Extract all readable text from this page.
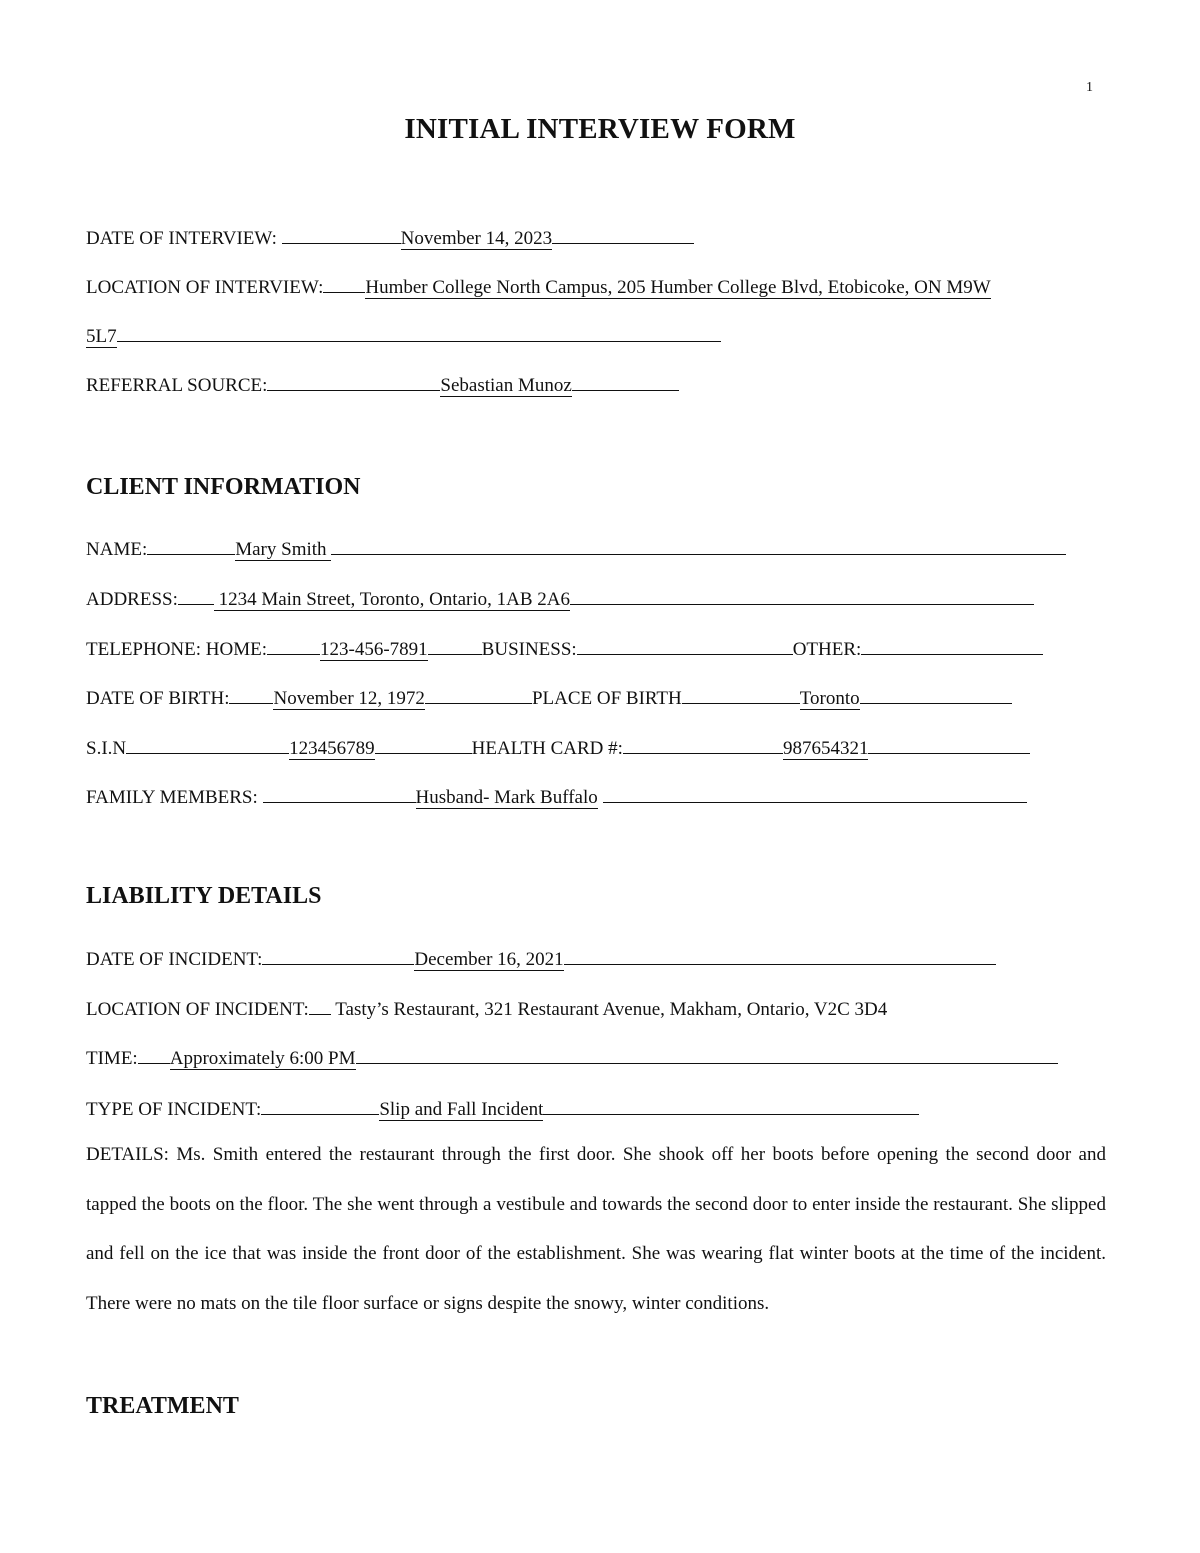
1
INITIAL INTERVIEW FORM
DATE OF INTERVIEW:	November 14, 2023
LOCATION OF INTERVIEW: Humber College North Campus, 205 Humber College Blvd, Etobicoke, ON M9W
5L7
REFERRAL SOURCE:	Sebastian Munoz
CLIENT INFORMATION
NAME:	Mary Smith
ADDRESS: 1234 Main Street, Toronto, Ontario, 1AB 2A6
TELEPHONE: HOME:	123-456-7891	BUSINESS:	OTHER:
DATE OF BIRTH: November 12, 1972	PLACE OF BIRTH	Toronto
S.I.N	123456789	HEALTH CARD #:	987654321
FAMILY MEMBERS:	Husband- Mark Buffalo
LIABILITY DETAILS
DATE OF INCIDENT:	December 16, 2021
LOCATION OF INCIDENT: Tasty’s Restaurant, 321 Restaurant Avenue, Makham, Ontario, V2C 3D4
TIME: Approximately 6:00 PM
TYPE OF INCIDENT:	Slip and Fall Incident
DETAILS: Ms. Smith entered the restaurant through the first door. She shook off her boots before opening the second door and tapped the boots on the floor. The she went through a vestibule and towards the second door to enter inside the restaurant. She slipped and fell on the ice that was inside the front door of the establishment. She was wearing flat winter boots at the time of the incident. There were no mats on the tile floor surface or signs despite the snowy, winter conditions.
TREATMENT
